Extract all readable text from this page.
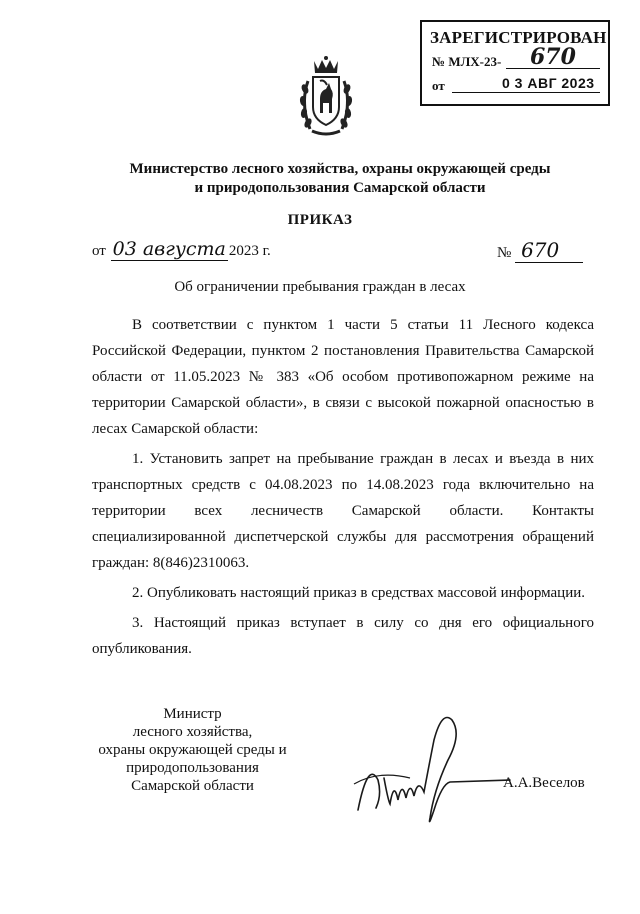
ЗАРЕГИСТРИРОВАН
№ МЛХ-23- 670
от	0 3 АВГ 2023
Министерство лесного хозяйства, охраны окружающей среды
и природопользования Самарской области
ПРИКАЗ
от 03 августа 2023 г.	№ 670
Об ограничении пребывания граждан в лесах

В соответствии с пунктом 1 части 5 статьи 11 Лесного кодекса Российской Федерации, пунктом 2 постановления Правительства Самарской области от 11.05.2023 № 383 «Об особом противопожарном режиме на территории Самарской области», в связи с высокой пожарной опасностью в лесах Самарской области:

1. Установить запрет на пребывание граждан в лесах и въезда в них транспортных средств с 04.08.2023 по 14.08.2023 года включительно на территории всех лесничеств Самарской области. Контакты специализированной диспетчерской службы для рассмотрения обращений граждан: 8(846)2310063.

2. Опубликовать настоящий приказ в средствах массовой информации.

3. Настоящий приказ вступает в силу со дня его официального опубликования.

Министр
лесного хозяйства,
охраны окружающей среды и
природопользования
Самарской области	А.А.Веселов
